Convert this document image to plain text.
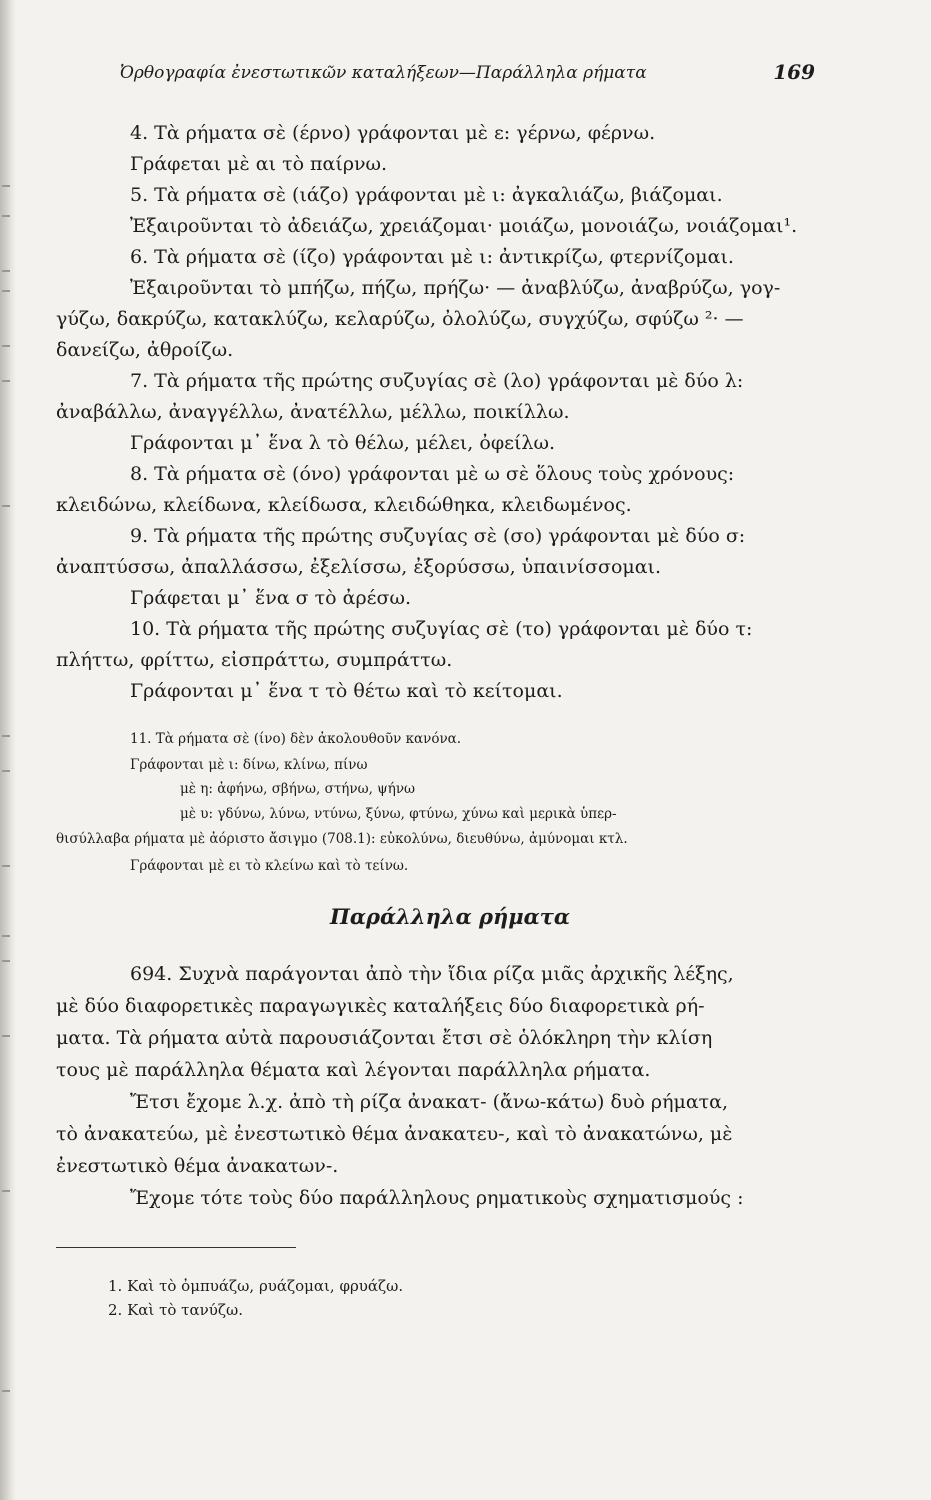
Ὀρθογραφία ἐνεστωτικῶν καταλήξεων—Παράλληλα ρήματα	169
4. Τὰ ρήματα σὲ (έρνο) γράφονται μὲ ε: γέρνω, φέρνω.
Γράφεται μὲ αι τὸ παίρνω.
5. Τὰ ρήματα σὲ (ιάζο) γράφονται μὲ ι: ἀγκαλιάζω, βιάζομαι.
Ἐξαιροῦνται τὸ ἀδειάζω, χρειάζομαι· μοιάζω, μονοιάζω, νοιάζομαι¹.
6. Τὰ ρήματα σὲ (ίζο) γράφονται μὲ ι: ἀντικρίζω, φτερνίζομαι.
Ἐξαιροῦνται τὸ μπήζω, πήζω, πρήζω· — ἀναβλύζω, ἀναβρύζω, γογ-
γύζω, δακρύζω, κατακλύζω, κελαρύζω, ὀλολύζω, συγχύζω, σφύζω ²· —
δανείζω, ἀθροίζω.
7. Τὰ ρήματα τῆς πρώτης συζυγίας σὲ (λο) γράφονται μὲ δύο λ:
ἀναβάλλω, ἀναγγέλλω, ἀνατέλλω, μέλλω, ποικίλλω.
Γράφονται μ᾽ ἕνα λ τὸ θέλω, μέλει, ὀφείλω.
8. Τὰ ρήματα σὲ (όνο) γράφονται μὲ ω σὲ ὅλους τοὺς χρόνους:
κλειδώνω, κλείδωνα, κλείδωσα, κλειδώθηκα, κλειδωμένος.
9. Τὰ ρήματα τῆς πρώτης συζυγίας σὲ (σο) γράφονται μὲ δύο σ:
ἀναπτύσσω, ἀπαλλάσσω, ἐξελίσσω, ἐξορύσσω, ὑπαινίσσομαι.
Γράφεται μ᾽ ἕνα σ τὸ ἀρέσω.
10. Τὰ ρήματα τῆς πρώτης συζυγίας σὲ (το) γράφονται μὲ δύο τ:
πλήττω, φρίττω, εἰσπράττω, συμπράττω.
Γράφονται μ᾽ ἕνα τ τὸ θέτω καὶ τὸ κείτομαι.
11. Τὰ ρήματα σὲ (ίνο) δὲν ἀκολουθοῦν κανόνα.
Γράφονται μὲ ι: δίνω, κλίνω, πίνω
μὲ η: ἀφήνω, σβήνω, στήνω, ψήνω
μὲ υ: γδύνω, λύνω, ντύνω, ξύνω, φτύνω, χύνω καὶ μερικὰ ὑπερ-
θισύλλαβα ρήματα μὲ ἀόριστο ἄσιγμο (708.1): εὐκολύνω, διευθύνω, ἀμύνομαι κτλ.
Γράφονται μὲ ει τὸ κλείνω καὶ τὸ τείνω.
Παράλληλα ρήματα
694. Συχνὰ παράγονται ἀπὸ τὴν ἴδια ρίζα μιᾶς ἀρχικῆς λέξης,
μὲ δύο διαφορετικὲς παραγωγικὲς καταλήξεις δύο διαφορετικὰ ρή-
ματα. Τὰ ρήματα αὐτὰ παρουσιάζονται ἔτσι σὲ ὁλόκληρη τὴν κλίση
τους μὲ παράλληλα θέματα καὶ λέγονται παράλληλα ρήματα.
Ἔτσι ἔχομε λ.χ. ἀπὸ τὴ ρίζα ἀνακατ- (ἄνω-κάτω) δυὸ ρήματα,
τὸ ἀνακατεύω, μὲ ἐνεστωτικὸ θέμα ἀνακατευ-, καὶ τὸ ἀνακατώνω, μὲ
ἐνεστωτικὸ θέμα ἀνακατων-.
Ἔχομε τότε τοὺς δύο παράλληλους ρηματικοὺς σχηματισμούς :
1. Καὶ τὸ ὀμπυάζω, ρυάζομαι, φρυάζω.
2. Καὶ τὸ τανύζω.
